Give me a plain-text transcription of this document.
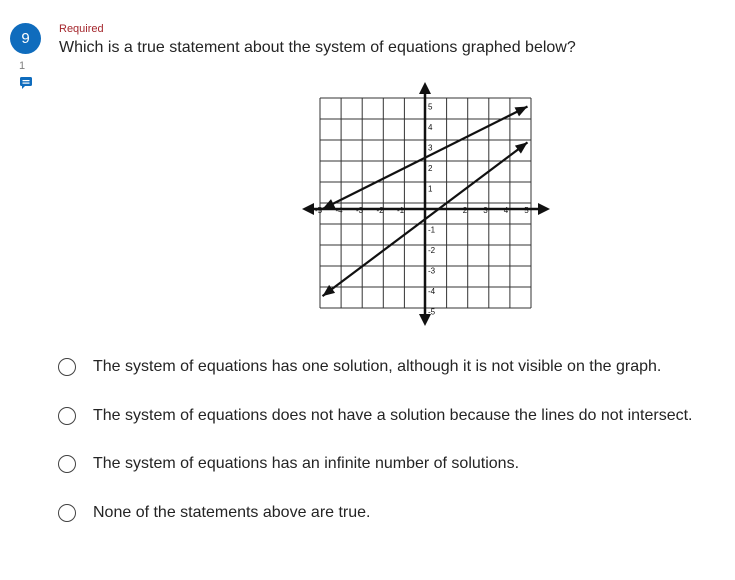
9
1
Required
Which is a true statement about the system of equations graphed below?
-5 -4 -3 -2 -1	2 3 4 5
5
4
3
2
1
-1
-2
-3
-4
-5
The system of equations has one solution, although it is not visible on the graph.
The system of equations does not have a solution because the lines do not intersect.
The system of equations has an infinite number of solutions.
None of the statements above are true.
